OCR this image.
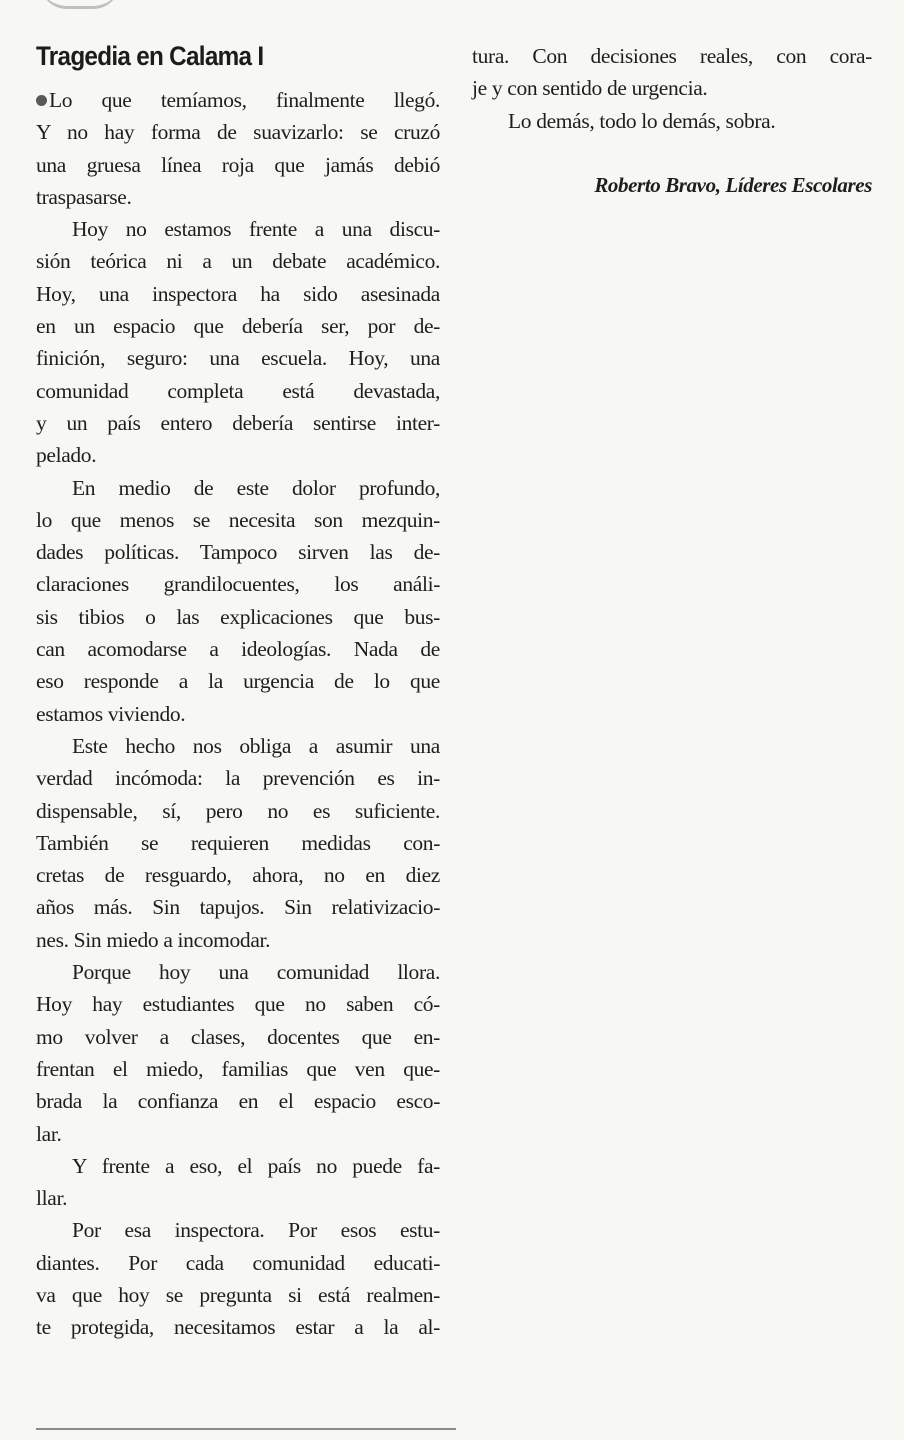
Tragedia en Calama I
Lo que temíamos, finalmente llegó.
Y no hay forma de suavizarlo: se cruzó
una gruesa línea roja que jamás debió
traspasarse.
Hoy no estamos frente a una discu-
sión teórica ni a un debate académico.
Hoy, una inspectora ha sido asesinada
en un espacio que debería ser, por de-
finición, seguro: una escuela. Hoy, una
comunidad completa está devastada,
y un país entero debería sentirse inter-
pelado.
En medio de este dolor profundo,
lo que menos se necesita son mezquin-
dades políticas. Tampoco sirven las de-
claraciones grandilocuentes, los análi-
sis tibios o las explicaciones que bus-
can acomodarse a ideologías. Nada de
eso responde a la urgencia de lo que
estamos viviendo.
Este hecho nos obliga a asumir una
verdad incómoda: la prevención es in-
dispensable, sí, pero no es suficiente.
También se requieren medidas con-
cretas de resguardo, ahora, no en diez
años más. Sin tapujos. Sin relativizacio-
nes. Sin miedo a incomodar.
Porque hoy una comunidad llora.
Hoy hay estudiantes que no saben có-
mo volver a clases, docentes que en-
frentan el miedo, familias que ven que-
brada la confianza en el espacio esco-
lar.
Y frente a eso, el país no puede fa-
llar.
Por esa inspectora. Por esos estu-
diantes. Por cada comunidad educati-
va que hoy se pregunta si está realmen-
te protegida, necesitamos estar a la al-
tura. Con decisiones reales, con cora-
je y con sentido de urgencia.
Lo demás, todo lo demás, sobra.
Roberto Bravo, Líderes Escolares
